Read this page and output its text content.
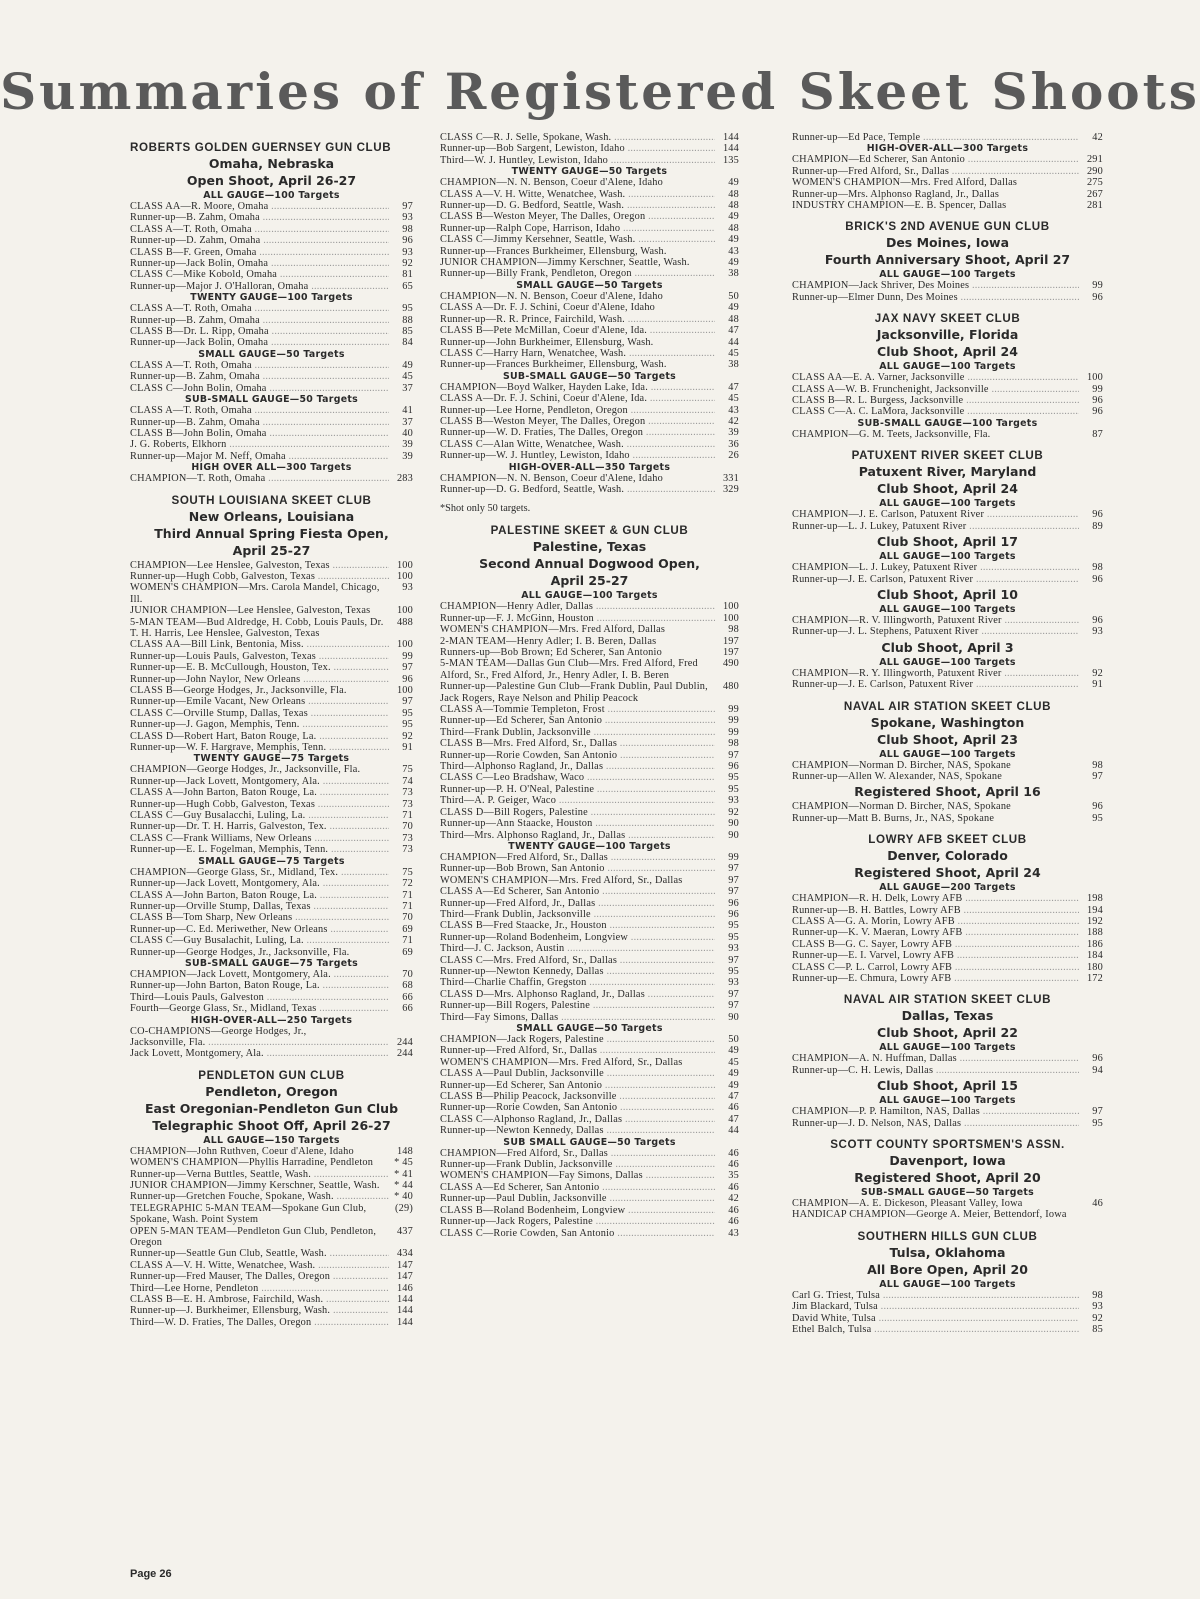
Summaries of Registered Skeet Shoots
ROBERTS GOLDEN GUERNSEY GUN CLUB
Omaha, Nebraska
Open Shoot, April 26-27
ALL GAUGE—100 Targets
CLASS AA—R. Moore, Omaha .....	97
Runner-up—B. Zahm, Omaha .....	93
CLASS A—T. Roth, Omaha .....	98
Runner-up—D. Zahm, Omaha .....	96
CLASS B—F. Green, Omaha .....	93
Runner-up—Jack Bolin, Omaha .....	92
CLASS C—Mike Kobold, Omaha .....	81
Runner-up—Major J. O'Halloran, Omaha .....	65
TWENTY GAUGE—100 Targets
CLASS A—T. Roth, Omaha .....	95
Runner-up—B. Zahm, Omaha .....	88
CLASS B—Dr. L. Ripp, Omaha .....	85
Runner-up—Jack Bolin, Omaha .....	84
SMALL GAUGE—50 Targets
CLASS A—T. Roth, Omaha .....	49
Runner-up—B. Zahm, Omaha .....	45
CLASS C—John Bolin, Omaha .....	37
SUB-SMALL GAUGE—50 Targets
CLASS A—T. Roth, Omaha .....	41
Runner-up—B. Zahm, Omaha .....	37
CLASS B—John Bolin, Omaha .....	40
J. G. Roberts, Elkhorn .....	39
Runner-up—Major M. Neff, Omaha .....	39
HIGH OVER ALL—300 Targets
CHAMPION—T. Roth, Omaha .....	283
SOUTH LOUISIANA SKEET CLUB
New Orleans, Louisiana
Third Annual Spring Fiesta Open,
April 25-27
CHAMPION—Lee Henslee, Galveston, Texas .....	100
Runner-up—Hugh Cobb, Galveston, Texas .....	100
WOMEN'S CHAMPION—Mrs. Carola Mandel, Chicago, Ill.
93
JUNIOR CHAMPION—Lee Henslee, Galveston, Texas	100
5-MAN TEAM—Bud Aldredge, H. Cobb, Louis Pauls, Dr. T. H. Harris, Lee Henslee, Galveston, Texas
488
CLASS AA—Bill Link, Bentonia, Miss. .....	100
Runner-up—Louis Pauls, Galveston, Texas .....	99
Runner-up—E. B. McCullough, Houston, Tex. .....	97
Runner-up—John Naylor, New Orleans .....	96
CLASS B—George Hodges, Jr., Jacksonville, Fla.	100
Runner-up—Emile Vacant, New Orleans .....	97
CLASS C—Orville Stump, Dallas, Texas .....	95
Runner-up—J. Gagon, Memphis, Tenn. .....	95
CLASS D—Robert Hart, Baton Rouge, La. .....	92
Runner-up—W. F. Hargrave, Memphis, Tenn. .....	91
TWENTY GAUGE—75 Targets
CHAMPION—George Hodges, Jr., Jacksonville, Fla.	75
Runner-up—Jack Lovett, Montgomery, Ala. .....	74
CLASS A—John Barton, Baton Rouge, La. .....	73
Runner-up—Hugh Cobb, Galveston, Texas .....	73
CLASS C—Guy Busalacchi, Luling, La. .....	71
Runner-up—Dr. T. H. Harris, Galveston, Tex. .....	70
CLASS C—Frank Williams, New Orleans .....	73
Runner-up—E. L. Fogelman, Memphis, Tenn. .....	73
SMALL GAUGE—75 Targets
CHAMPION—George Glass, Sr., Midland, Tex. .....	75
Runner-up—Jack Lovett, Montgomery, Ala. .....	72
CLASS A—John Barton, Baton Rouge, La. .....	71
Runner-up—Orville Stump, Dallas, Texas .....	71
CLASS B—Tom Sharp, New Orleans .....	70
Runner-up—C. Ed. Meriwether, New Orleans .....	69
CLASS C—Guy Busalachit, Luling, La. .....	71
Runner-up—George Hodges, Jr., Jacksonville, Fla.	69
SUB-SMALL GAUGE—75 Targets
CHAMPION—Jack Lovett, Montgomery, Ala. .....	70
Runner-up—John Barton, Baton Rouge, La. .....	68
Third—Louis Pauls, Galveston .....	66
Fourth—George Glass, Sr., Midland, Texas .....	66
HIGH-OVER-ALL—250 Targets
CO-CHAMPIONS—George Hodges, Jr.,
Jacksonville, Fla. .....	244
Jack Lovett, Montgomery, Ala. .....	244
PENDLETON GUN CLUB
Pendleton, Oregon
East Oregonian-Pendleton Gun Club
Telegraphic Shoot Off, April 26-27
ALL GAUGE—150 Targets
CHAMPION—John Ruthven, Coeur d'Alene, Idaho	148
WOMEN'S CHAMPION—Phyllis Harradine, Pendleton	* 45
Runner-up—Verna Buttles, Seattle, Wash. .....	* 41
JUNIOR CHAMPION—Jimmy Kerschner, Seattle, Wash.	* 44
Runner-up—Gretchen Fouche, Spokane, Wash. .....	* 40
TELEGRAPHIC 5-MAN TEAM—Spokane Gun Club, Spokane, Wash. Point System
(29)
OPEN 5-MAN TEAM—Pendleton Gun Club, Pendleton, Oregon
437
Runner-up—Seattle Gun Club, Seattle, Wash. .....	434
CLASS A—V. H. Witte, Wenatchee, Wash. .....	147
Runner-up—Fred Mauser, The Dalles, Oregon .....	147
Third—Lee Horne, Pendleton .....	146
CLASS B—E. H. Ambrose, Fairchild, Wash. .....	144
Runner-up—J. Burkheimer, Ellensburg, Wash. .....	144
Third—W. D. Fraties, The Dalles, Oregon .....	144
CLASS C—R. J. Selle, Spokane, Wash. .....	144
Runner-up—Bob Sargent, Lewiston, Idaho .....	144
Third—W. J. Huntley, Lewiston, Idaho .....	135
TWENTY GAUGE—50 Targets
CHAMPION—N. N. Benson, Coeur d'Alene, Idaho	49
CLASS A—V. H. Witte, Wenatchee, Wash. .....	48
Runner-up—D. G. Bedford, Seattle, Wash. .....	48
CLASS B—Weston Meyer, The Dalles, Oregon .....	49
Runner-up—Ralph Cope, Harrison, Idaho .....	48
CLASS C—Jimmy Kersehner, Seattle, Wash. .....	49
Runner-up—Frances Burkheimer, Ellensburg, Wash.	43
JUNIOR CHAMPION—Jimmy Kerschner, Seattle, Wash.	49
Runner-up—Billy Frank, Pendleton, Oregon .....	38
SMALL GAUGE—50 Targets
CHAMPION—N. N. Benson, Coeur d'Alene, Idaho	50
CLASS A—Dr. F. J. Schini, Coeur d'Alene, Idaho	49
Runner-up—R. R. Prince, Fairchild, Wash. .....	48
CLASS B—Pete McMillan, Coeur d'Alene, Ida. .....	47
Runner-up—John Burkheimer, Ellensburg, Wash.	44
CLASS C—Harry Harn, Wenatchee, Wash. .....	45
Runner-up—Frances Burkheimer, Ellensburg, Wash.	38
SUB-SMALL GAUGE—50 Targets
CHAMPION—Boyd Walker, Hayden Lake, Ida. .....	47
CLASS A—Dr. F. J. Schini, Coeur d'Alene, Ida. .....	45
Runner-up—Lee Horne, Pendleton, Oregon .....	43
CLASS B—Weston Meyer, The Dalles, Oregon .....	42
Runner-up—W. D. Fraties, The Dalles, Oregon .....	39
CLASS C—Alan Witte, Wenatchee, Wash. .....	36
Runner-up—W. J. Huntley, Lewiston, Idaho .....	26
HIGH-OVER-ALL—350 Targets
CHAMPION—N. N. Benson, Coeur d'Alene, Idaho	331
Runner-up—D. G. Bedford, Seattle, Wash. .....	329
*Shot only 50 targets.
PALESTINE SKEET & GUN CLUB
Palestine, Texas
Second Annual Dogwood Open,
April 25-27
ALL GAUGE—100 Targets
CHAMPION—Henry Adler, Dallas .....	100
Runner-up—F. J. McGinn, Houston .....	100
WOMEN'S CHAMPION—Mrs. Fred Alford, Dallas	98
2-MAN TEAM—Henry Adler; I. B. Beren, Dallas	197
Runners-up—Bob Brown; Ed Scherer, San Antonio	197
5-MAN TEAM—Dallas Gun Club—Mrs. Fred Alford, Fred Alford, Sr., Fred Alford, Jr., Henry Adler, I. B. Beren
490
Runner-up—Palestine Gun Club—Frank Dublin, Paul Dublin, Jack Rogers, Raye Nelson and Philip Peacock
480
CLASS A—Tommie Templeton, Frost .....	99
Runner-up—Ed Scherer, San Antonio .....	99
Third—Frank Dublin, Jacksonville .....	99
CLASS B—Mrs. Fred Alford, Sr., Dallas .....	98
Runner-up—Rorie Cowden, San Antonio .....	97
Third—Alphonso Ragland, Jr., Dallas .....	96
CLASS C—Leo Bradshaw, Waco .....	95
Runner-up—P. H. O'Neal, Palestine .....	95
Third—A. P. Geiger, Waco .....	93
CLASS D—Bill Rogers, Palestine .....	92
Runner-up—Ann Staacke, Houston .....	90
Third—Mrs. Alphonso Ragland, Jr., Dallas .....	90
TWENTY GAUGE—100 Targets
CHAMPION—Fred Alford, Sr., Dallas .....	99
Runner-up—Bob Brown, San Antonio .....	97
WOMEN'S CHAMPION—Mrs. Fred Alford, Sr., Dallas	97
CLASS A—Ed Scherer, San Antonio .....	97
Runner-up—Fred Alford, Jr., Dallas .....	96
Third—Frank Dublin, Jacksonville .....	96
CLASS B—Fred Staacke, Jr., Houston .....	95
Runner-up—Roland Bodenheim, Longview .....	95
Third—J. C. Jackson, Austin .....	93
CLASS C—Mrs. Fred Alford, Sr., Dallas .....	97
Runner-up—Newton Kennedy, Dallas .....	95
Third—Charlie Chaffin, Gregston .....	93
CLASS D—Mrs. Alphonso Ragland, Jr., Dallas .....	97
Runner-up—Bill Rogers, Palestine .....	97
Third—Fay Simons, Dallas .....	90
SMALL GAUGE—50 Targets
CHAMPION—Jack Rogers, Palestine .....	50
Runner-up—Fred Alford, Sr., Dallas .....	49
WOMEN'S CHAMPION—Mrs. Fred Alford, Sr., Dallas	45
CLASS A—Paul Dublin, Jacksonville .....	49
Runner-up—Ed Scherer, San Antonio .....	49
CLASS B—Philip Peacock, Jacksonville .....	47
Runner-up—Rorie Cowden, San Antonio .....	46
CLASS C—Alphonso Ragland, Jr., Dallas .....	47
Runner-up—Newton Kennedy, Dallas .....	44
SUB SMALL GAUGE—50 Targets
CHAMPION—Fred Alford, Sr., Dallas .....	46
Runner-up—Frank Dublin, Jacksonville .....	46
WOMEN'S CHAMPION—Fay Simons, Dallas .....	35
CLASS A—Ed Scherer, San Antonio .....	46
Runner-up—Paul Dublin, Jacksonville .....	42
CLASS B—Roland Bodenheim, Longview .....	46
Runner-up—Jack Rogers, Palestine .....	46
CLASS C—Rorie Cowden, San Antonio .....	43
Runner-up—Ed Pace, Temple .....	42
HIGH-OVER-ALL—300 Targets
CHAMPION—Ed Scherer, San Antonio .....	291
Runner-up—Fred Alford, Sr., Dallas .....	290
WOMEN'S CHAMPION—Mrs. Fred Alford, Dallas	275
Runner-up—Mrs. Alphonso Ragland, Jr., Dallas	267
INDUSTRY CHAMPION—E. B. Spencer, Dallas	281
BRICK'S 2ND AVENUE GUN CLUB
Des Moines, Iowa
Fourth Anniversary Shoot, April 27
ALL GAUGE—100 Targets
CHAMPION—Jack Shriver, Des Moines .....	99
Runner-up—Elmer Dunn, Des Moines .....	96
JAX NAVY SKEET CLUB
Jacksonville, Florida
Club Shoot, April 24
ALL GAUGE—100 Targets
CLASS AA—E. A. Varner, Jacksonville .....	100
CLASS A—W. B. Frunchenight, Jacksonville .....	99
CLASS B—R. L. Burgess, Jacksonville .....	96
CLASS C—A. C. LaMora, Jacksonville .....	96
SUB-SMALL GAUGE—100 Targets
CHAMPION—G. M. Teets, Jacksonville, Fla.	87
PATUXENT RIVER SKEET CLUB
Patuxent River, Maryland
Club Shoot, April 24
ALL GAUGE—100 Targets
CHAMPION—J. E. Carlson, Patuxent River .....	96
Runner-up—L. J. Lukey, Patuxent River .....	89
Club Shoot, April 17
ALL GAUGE—100 Targets
CHAMPION—L. J. Lukey, Patuxent River .....	98
Runner-up—J. E. Carlson, Patuxent River .....	96
Club Shoot, April 10
ALL GAUGE—100 Targets
CHAMPION—R. V. Illingworth, Patuxent River .....	96
Runner-up—J. L. Stephens, Patuxent River .....	93
Club Shoot, April 3
ALL GAUGE—100 Targets
CHAMPION—R. Y. Illingworth, Patuxent River .....	92
Runner-up—J. E. Carlson, Patuxent River .....	91
NAVAL AIR STATION SKEET CLUB
Spokane, Washington
Club Shoot, April 23
ALL GAUGE—100 Targets
CHAMPION—Norman D. Bircher, NAS, Spokane	98
Runner-up—Allen W. Alexander, NAS, Spokane	97
Registered Shoot, April 16
CHAMPION—Norman D. Bircher, NAS, Spokane	96
Runner-up—Matt B. Burns, Jr., NAS, Spokane	95
LOWRY AFB SKEET CLUB
Denver, Colorado
Registered Shoot, April 24
ALL GAUGE—200 Targets
CHAMPION—R. H. Delk, Lowry AFB .....	198
Runner-up—B. H. Battles, Lowry AFB .....	194
CLASS A—G. A. Morin, Lowry AFB .....	192
Runner-up—K. V. Maeran, Lowry AFB .....	188
CLASS B—G. C. Sayer, Lowry AFB .....	186
Runner-up—E. I. Varvel, Lowry AFB .....	184
CLASS C—P. L. Carrol, Lowry AFB .....	180
Runner-up—E. Chmura, Lowry AFB .....	172
NAVAL AIR STATION SKEET CLUB
Dallas, Texas
Club Shoot, April 22
ALL GAUGE—100 Targets
CHAMPION—A. N. Huffman, Dallas .....	96
Runner-up—C. H. Lewis, Dallas .....	94
Club Shoot, April 15
ALL GAUGE—100 Targets
CHAMPION—P. P. Hamilton, NAS, Dallas .....	97
Runner-up—J. D. Nelson, NAS, Dallas .....	95
SCOTT COUNTY SPORTSMEN'S ASSN.
Davenport, Iowa
Registered Shoot, April 20
SUB-SMALL GAUGE—50 Targets
CHAMPION—A. E. Dickeson, Pleasant Valley, Iowa	46
HANDICAP CHAMPION—George A. Meier, Bettendorf, Iowa
SOUTHERN HILLS GUN CLUB
Tulsa, Oklahoma
All Bore Open, April 20
ALL GAUGE—100 Targets
Carl G. Triest, Tulsa .....	98
Jim Blackard, Tulsa .....	93
David White, Tulsa .....	92
Ethel Balch, Tulsa .....	85
Page 26
